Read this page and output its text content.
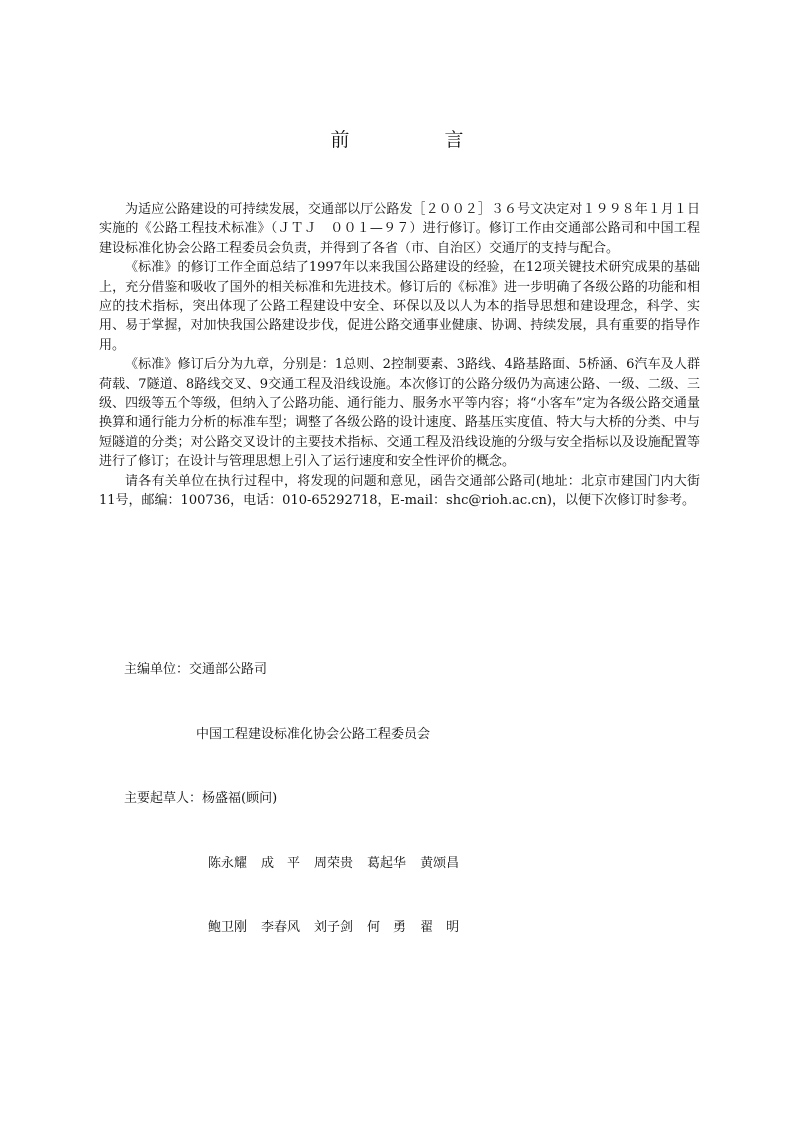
前　言

为适应公路建设的可持续发展，交通部以厅公路发［２００２］３６号文决定对１９９８年１月１日实施的《公路工程技术标准》（ＪＴＪ　００１—９７）进行修订。修订工作由交通部公路司和中国工程建设标准化协会公路工程委员会负责，并得到了各省（市、自治区）交通厅的支持与配合。

《标准》的修订工作全面总结了1997年以来我国公路建设的经验，在12项关键技术研究成果的基础上，充分借鉴和吸收了国外的相关标准和先进技术。修订后的《标准》进一步明确了各级公路的功能和相应的技术指标，突出体现了公路工程建设中安全、环保以及以人为本的指导思想和建设理念，科学、实用、易于掌握，对加快我国公路建设步伐，促进公路交通事业健康、协调、持续发展，具有重要的指导作用。

《标准》修订后分为九章，分别是：1总则、2控制要素、3路线、4路基路面、5桥涵、6汽车及人群荷载、7隧道、8路线交叉、9交通工程及沿线设施。本次修订的公路分级仍为高速公路、一级、二级、三级、四级等五个等级，但纳入了公路功能、通行能力、服务水平等内容；将“小客车”定为各级公路交通量换算和通行能力分析的标准车型；调整了各级公路的设计速度、路基压实度值、特大与大桥的分类、中与短隧道的分类；对公路交叉设计的主要技术指标、交通工程及沿线设施的分级与安全指标以及设施配置等进行了修订；在设计与管理思想上引入了运行速度和安全性评价的概念。

请各有关单位在执行过程中，将发现的问题和意见，函告交通部公路司(地址：北京市建国门内大街11号，邮编：100736，电话：010-65292718，E-mail：shc@rioh.ac.cn)，以便下次修订时参考。

主编单位：交通部公路司

中国工程建设标准化协会公路工程委员会

主要起草人：杨盛福(顾问)

陈永耀 成　平 周荣贵 葛起华 黄颂昌

鲍卫刚 李春风 刘子剑 何　勇 翟　明
